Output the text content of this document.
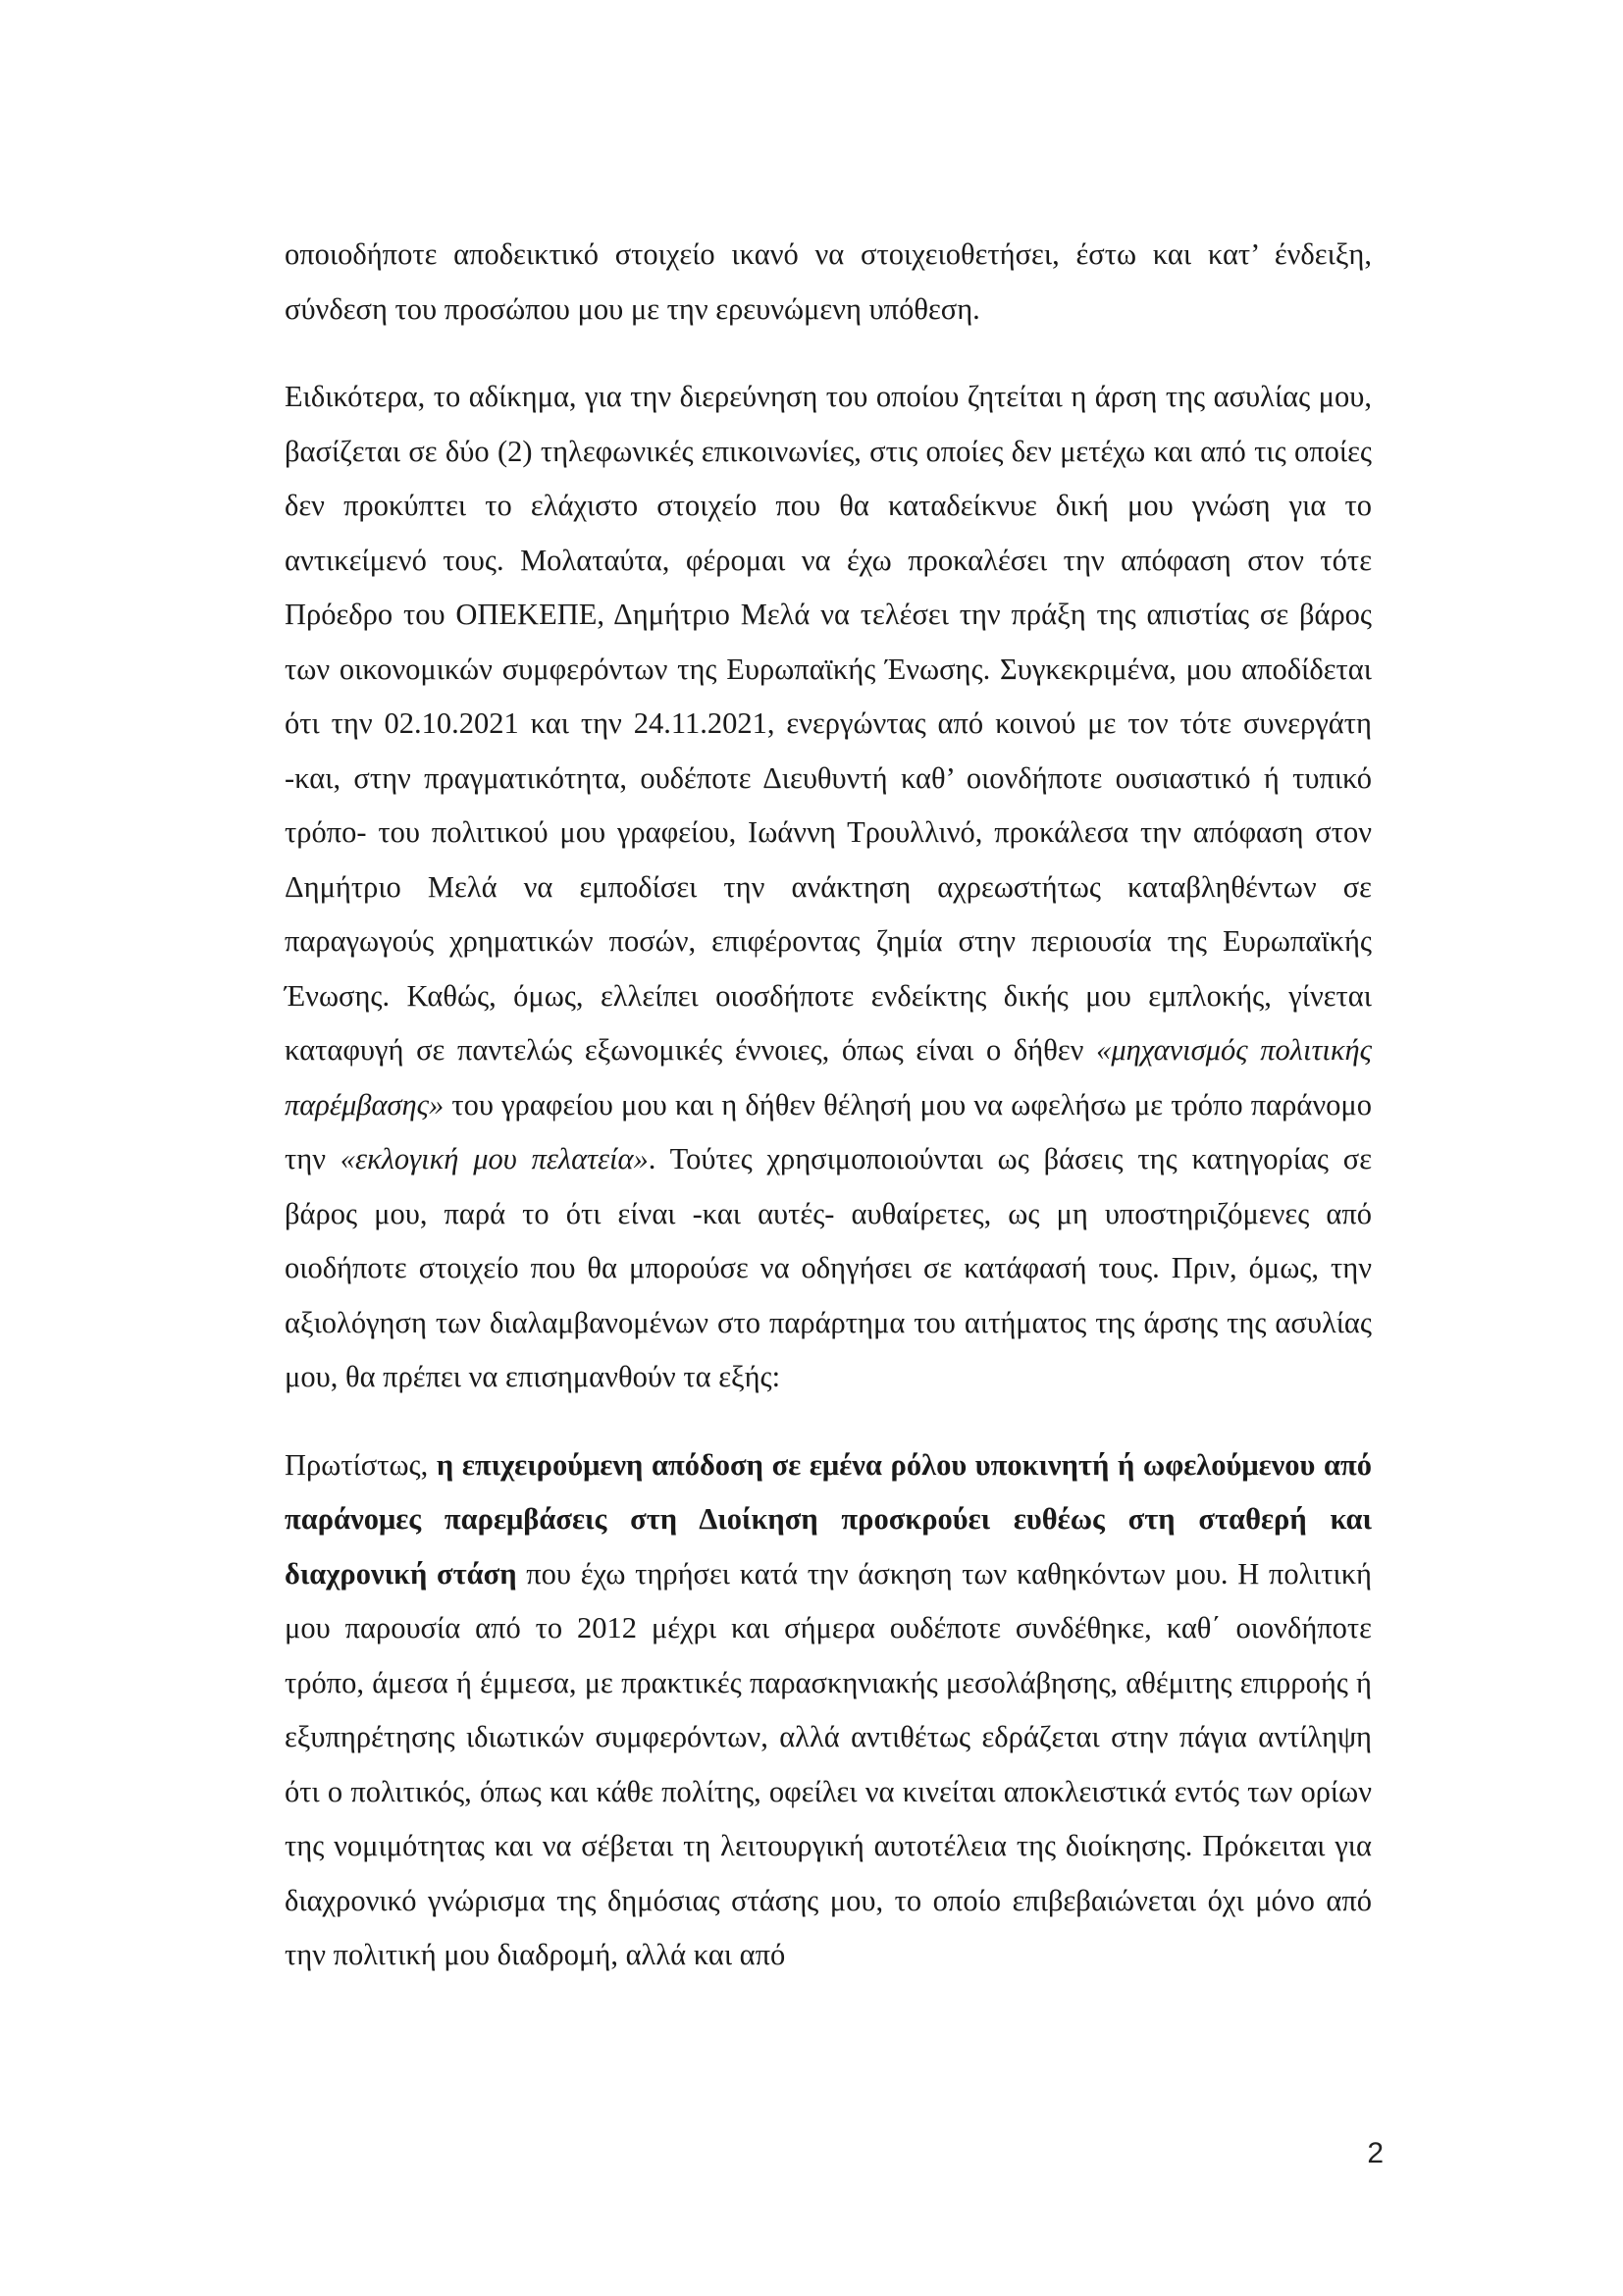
οποιοδήποτε αποδεικτικό στοιχείο ικανό να στοιχειοθετήσει, έστω και κατ’ ένδειξη, σύνδεση του προσώπου μου με την ερευνώμενη υπόθεση.

Ειδικότερα, το αδίκημα, για την διερεύνηση του οποίου ζητείται η άρση της ασυλίας μου, βασίζεται σε δύο (2) τηλεφωνικές επικοινωνίες, στις οποίες δεν μετέχω και από τις οποίες δεν προκύπτει το ελάχιστο στοιχείο που θα καταδείκνυε δική μου γνώση για το αντικείμενό τους. Μολαταύτα, φέρομαι να έχω προκαλέσει την απόφαση στον τότε Πρόεδρο του ΟΠΕΚΕΠΕ, Δημήτριο Μελά να τελέσει την πράξη της απιστίας σε βάρος των οικονομικών συμφερόντων της Ευρωπαϊκής Ένωσης. Συγκεκριμένα, μου αποδίδεται ότι την 02.10.2021 και την 24.11.2021, ενεργώντας από κοινού με τον τότε συνεργάτη -και, στην πραγματικότητα, ουδέποτε Διευθυντή καθ’ οιονδήποτε ουσιαστικό ή τυπικό τρόπο- του πολιτικού μου γραφείου, Ιωάννη Τρουλλινό, προκάλεσα την απόφαση στον Δημήτριο Μελά να εμποδίσει την ανάκτηση αχρεωστήτως καταβληθέντων σε παραγωγούς χρηματικών ποσών, επιφέροντας ζημία στην περιουσία της Ευρωπαϊκής Ένωσης. Καθώς, όμως, ελλείπει οιοσδήποτε ενδείκτης δικής μου εμπλοκής, γίνεται καταφυγή σε παντελώς εξωνομικές έννοιες, όπως είναι ο δήθεν «μηχανισμός πολιτικής παρέμβασης» του γραφείου μου και η δήθεν θέλησή μου να ωφελήσω με τρόπο παράνομο την «εκλογική μου πελατεία». Τούτες χρησιμοποιούνται ως βάσεις της κατηγορίας σε βάρος μου, παρά το ότι είναι -και αυτές- αυθαίρετες, ως μη υποστηριζόμενες από οιοδήποτε στοιχείο που θα μπορούσε να οδηγήσει σε κατάφασή τους. Πριν, όμως, την αξιολόγηση των διαλαμβανομένων στο παράρτημα του αιτήματος της άρσης της ασυλίας μου, θα πρέπει να επισημανθούν τα εξής:

Πρωτίστως, η επιχειρούμενη απόδοση σε εμένα ρόλου υποκινητή ή ωφελούμενου από παράνομες παρεμβάσεις στη Διοίκηση προσκρούει ευθέως στη σταθερή και διαχρονική στάση που έχω τηρήσει κατά την άσκηση των καθηκόντων μου. Η πολιτική μου παρουσία από το 2012 μέχρι και σήμερα ουδέποτε συνδέθηκε, καθ΄ οιονδήποτε τρόπο, άμεσα ή έμμεσα, με πρακτικές παρασκηνιακής μεσολάβησης, αθέμιτης επιρροής ή εξυπηρέτησης ιδιωτικών συμφερόντων, αλλά αντιθέτως εδράζεται στην πάγια αντίληψη ότι ο πολιτικός, όπως και κάθε πολίτης, οφείλει να κινείται αποκλειστικά εντός των ορίων της νομιμότητας και να σέβεται τη λειτουργική αυτοτέλεια της διοίκησης. Πρόκειται για διαχρονικό γνώρισμα της δημόσιας στάσης μου, το οποίο επιβεβαιώνεται όχι μόνο από την πολιτική μου διαδρομή, αλλά και από

2
